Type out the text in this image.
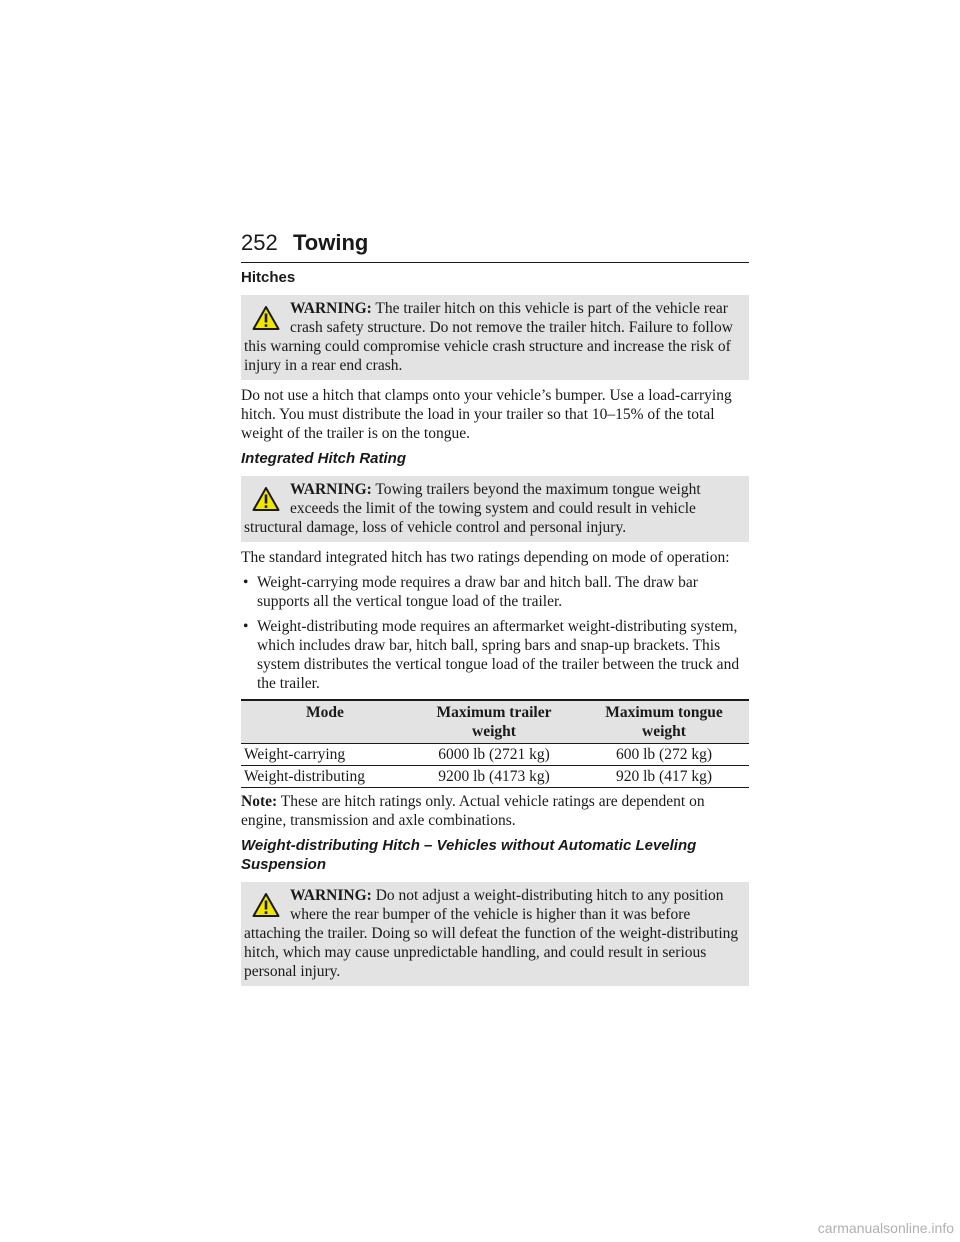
252 Towing
Hitches
WARNING: The trailer hitch on this vehicle is part of the vehicle rear crash safety structure. Do not remove the trailer hitch. Failure to follow this warning could compromise vehicle crash structure and increase the risk of injury in a rear end crash.

Do not use a hitch that clamps onto your vehicle’s bumper. Use a load-carrying hitch. You must distribute the load in your trailer so that 10–15% of the total weight of the trailer is on the tongue.

Integrated Hitch Rating
WARNING: Towing trailers beyond the maximum tongue weight exceeds the limit of the towing system and could result in vehicle structural damage, loss of vehicle control and personal injury.

The standard integrated hitch has two ratings depending on mode of operation:

• Weight-carrying mode requires a draw bar and hitch ball. The draw bar supports all the vertical tongue load of the trailer.
• Weight-distributing mode requires an aftermarket weight-distributing system, which includes draw bar, hitch ball, spring bars and snap-up brackets. This system distributes the vertical tongue load of the trailer between the truck and the trailer.
Mode	Maximum trailer weight	Maximum tongue weight
Weight-carrying	6000 lb (2721 kg)	600 lb (272 kg)
Weight-distributing	9200 lb (4173 kg)	920 lb (417 kg)

Note: These are hitch ratings only. Actual vehicle ratings are dependent on engine, transmission and axle combinations.

Weight-distributing Hitch – Vehicles without Automatic Leveling Suspension
WARNING: Do not adjust a weight-distributing hitch to any position where the rear bumper of the vehicle is higher than it was before attaching the trailer. Doing so will defeat the function of the weight-distributing hitch, which may cause unpredictable handling, and could result in serious personal injury.
carmanualsonline.info
